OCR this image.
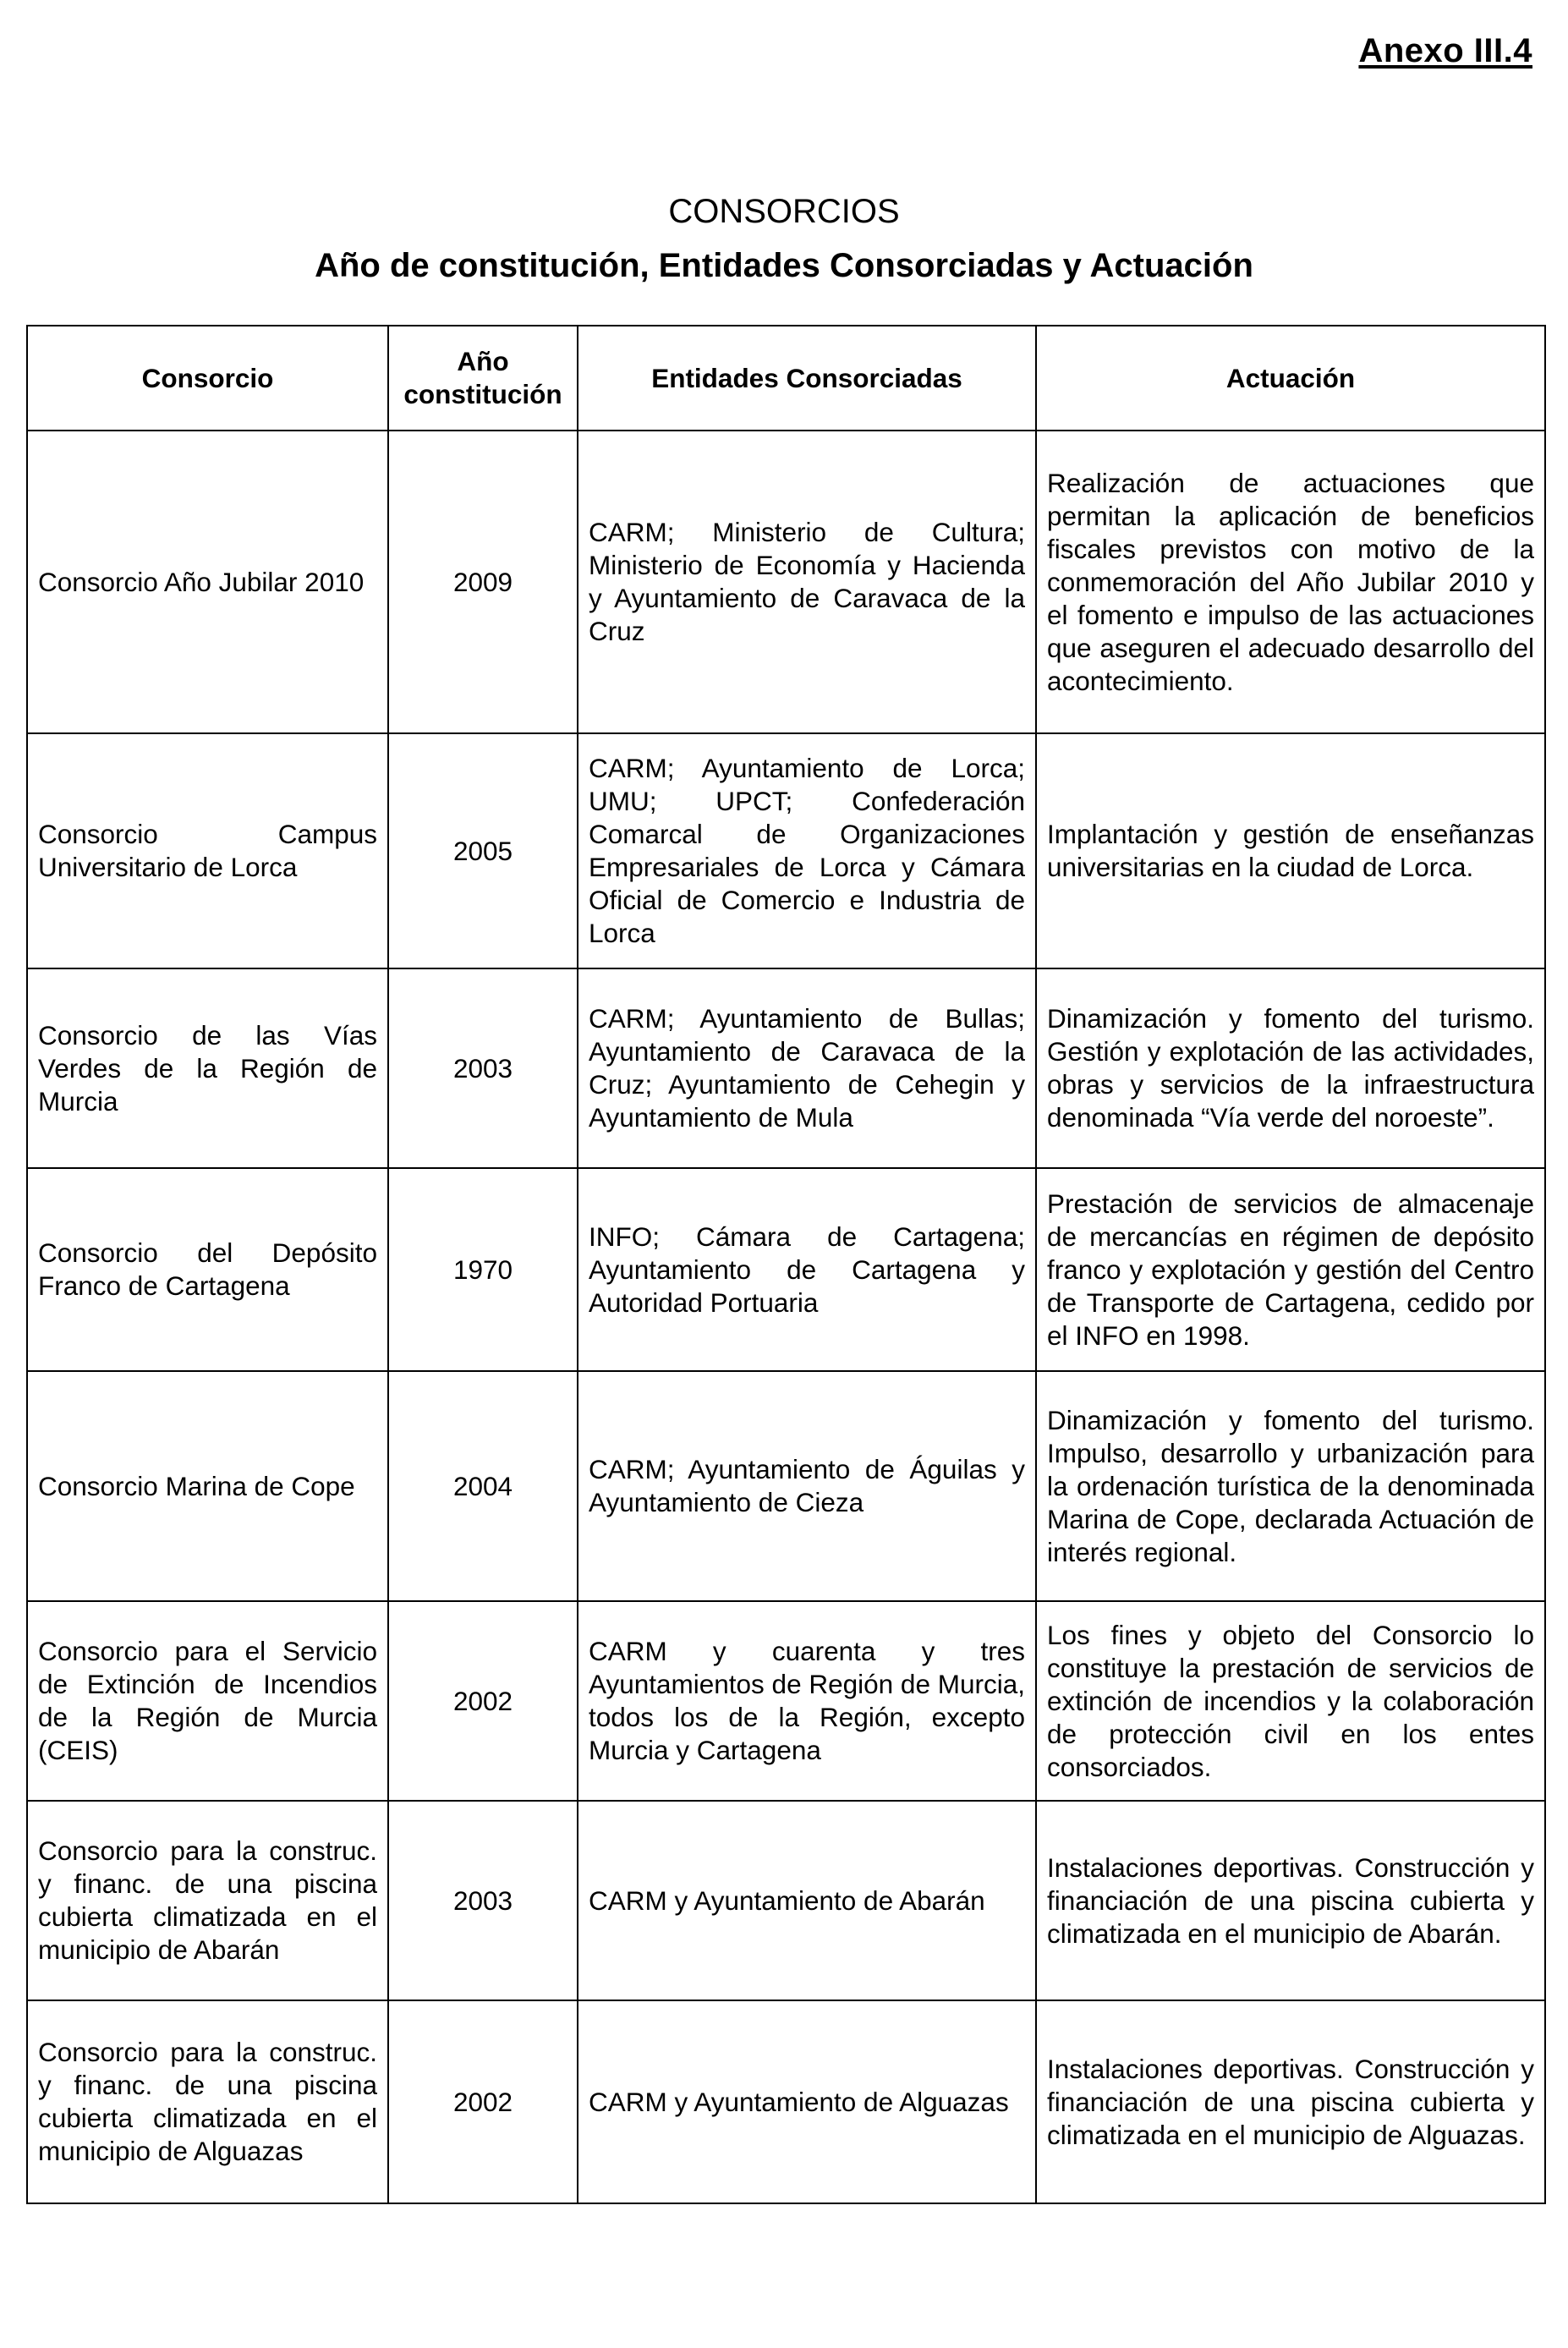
Anexo III.4
CONSORCIOS
Año de constitución, Entidades Consorciadas y Actuación
Consorcio	Año constitución	Entidades Consorciadas	Actuación
Consorcio Año Jubilar 2010	2009	CARM; Ministerio de Cultura; Ministerio de Economía y Hacienda y Ayuntamiento de Caravaca de la Cruz	Realización de actuaciones que permitan la aplicación de beneficios fiscales previstos con motivo de la conmemoración del Año Jubilar 2010 y el fomento e impulso de las actuaciones que aseguren el adecuado desarrollo del acontecimiento.
Consorcio Campus Universitario de Lorca	2005	CARM; Ayuntamiento de Lorca; UMU; UPCT; Confederación Comarcal de Organizaciones Empresariales de Lorca y Cámara Oficial de Comercio e Industria de Lorca	Implantación y gestión de enseñanzas universitarias en la ciudad de Lorca.
Consorcio de las Vías Verdes de la Región de Murcia	2003	CARM; Ayuntamiento de Bullas; Ayuntamiento de Caravaca de la Cruz; Ayuntamiento de Cehegin y Ayuntamiento de Mula	Dinamización y fomento del turismo. Gestión y explotación de las actividades, obras y servicios de la infraestructura denominada “Vía verde del noroeste”.
Consorcio del Depósito Franco de Cartagena	1970	INFO; Cámara de Cartagena; Ayuntamiento de Cartagena y Autoridad Portuaria	Prestación de servicios de almacenaje de mercancías en régimen de depósito franco y explotación y gestión del Centro de Transporte de Cartagena, cedido por el INFO en 1998.
Consorcio Marina de Cope	2004	CARM; Ayuntamiento de Águilas y Ayuntamiento de Cieza	Dinamización y fomento del turismo. Impulso, desarrollo y urbanización para la ordenación turística de la denominada Marina de Cope, declarada Actuación de interés regional.
Consorcio para el Servicio de Extinción de Incendios de la Región de Murcia (CEIS)	2002	CARM y cuarenta y tres Ayuntamientos de Región de Murcia, todos los de la Región, excepto Murcia y Cartagena	Los fines y objeto del Consorcio lo constituye la prestación de servicios de extinción de incendios y la colaboración de protección civil en los entes consorciados.
Consorcio para la construc. y financ. de una piscina cubierta climatizada en el municipio de Abarán	2003	CARM y Ayuntamiento de Abarán	Instalaciones deportivas. Construcción y financiación de una piscina cubierta y climatizada en el municipio de Abarán.
Consorcio para la construc. y financ. de una piscina cubierta climatizada en el municipio de Alguazas	2002	CARM y Ayuntamiento de Alguazas	Instalaciones deportivas. Construcción y financiación de una piscina cubierta y climatizada en el municipio de Alguazas.
